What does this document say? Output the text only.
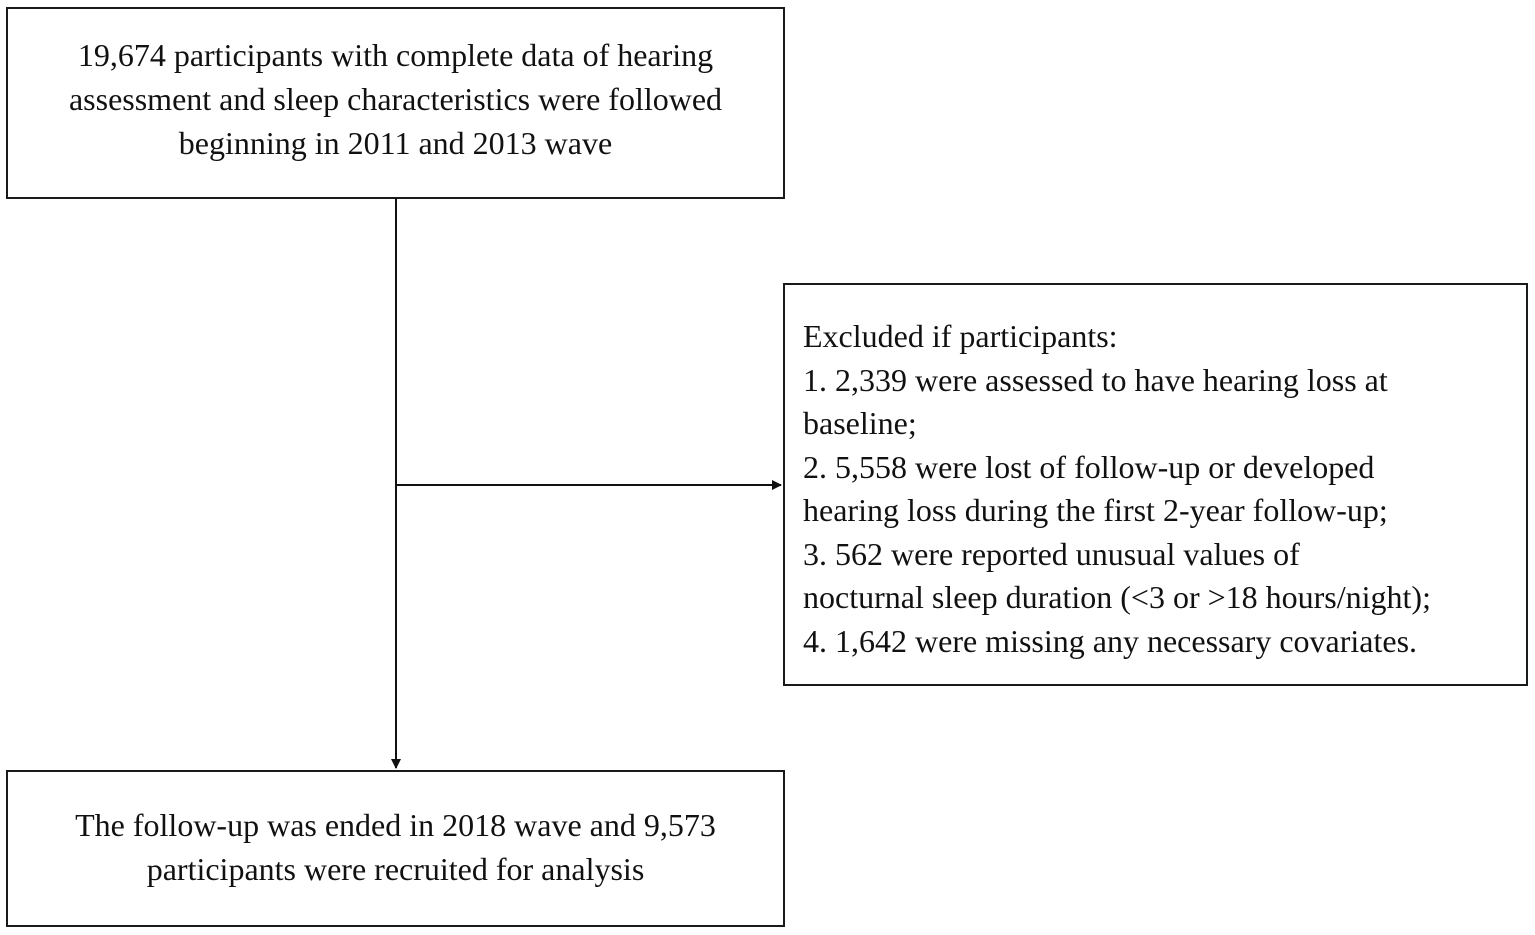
19,674 participants with complete data of hearing
assessment and sleep characteristics were followed
beginning in 2011 and 2013 wave
Excluded if participants:
1. 2,339 were assessed to have hearing loss at
baseline;
2. 5,558 were lost of follow-up or developed
hearing loss during the first 2-year follow-up;
3. 562 were reported unusual values of
nocturnal sleep duration (<3 or >18 hours/night);
4. 1,642 were missing any necessary covariates.
The follow-up was ended in 2018 wave and 9,573
participants were recruited for analysis
